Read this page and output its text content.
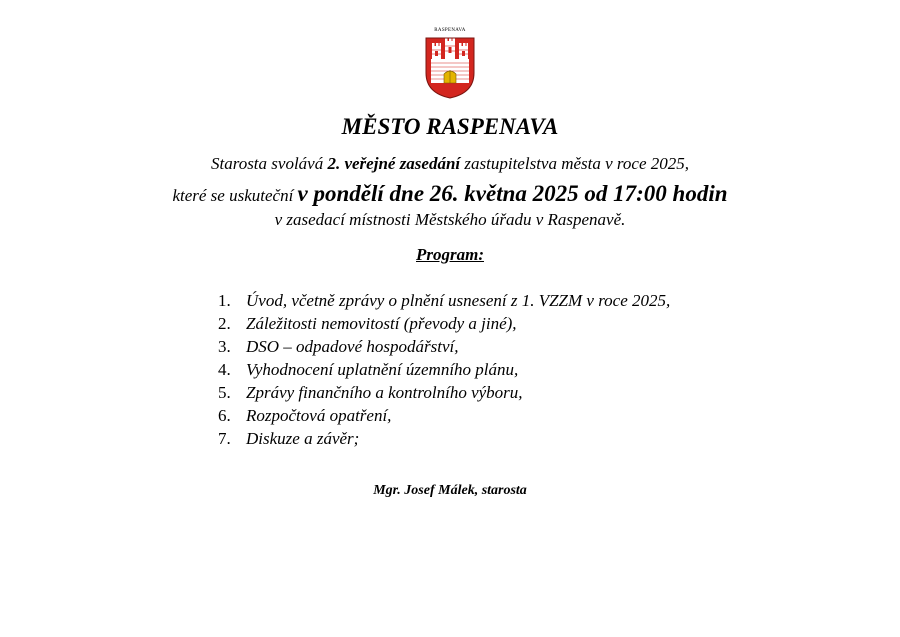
RASPENAVA
MĚSTO RASPENAVA
Starosta svolává 2. veřejné zasedání zastupitelstva města v roce 2025,
které se uskuteční v pondělí dne 26. května 2025 od 17:00 hodin
v zasedací místnosti Městského úřadu v Raspenavě.
Program:
1. Úvod, včetně zprávy o plnění usnesení z 1. VZZM v roce 2025,
2. Záležitosti nemovitostí (převody a jiné),
3. DSO – odpadové hospodářství,
4. Vyhodnocení uplatnění územního plánu,
5. Zprávy finančního a kontrolního výboru,
6. Rozpočtová opatření,
7. Diskuze a závěr;
Mgr. Josef Málek, starosta
